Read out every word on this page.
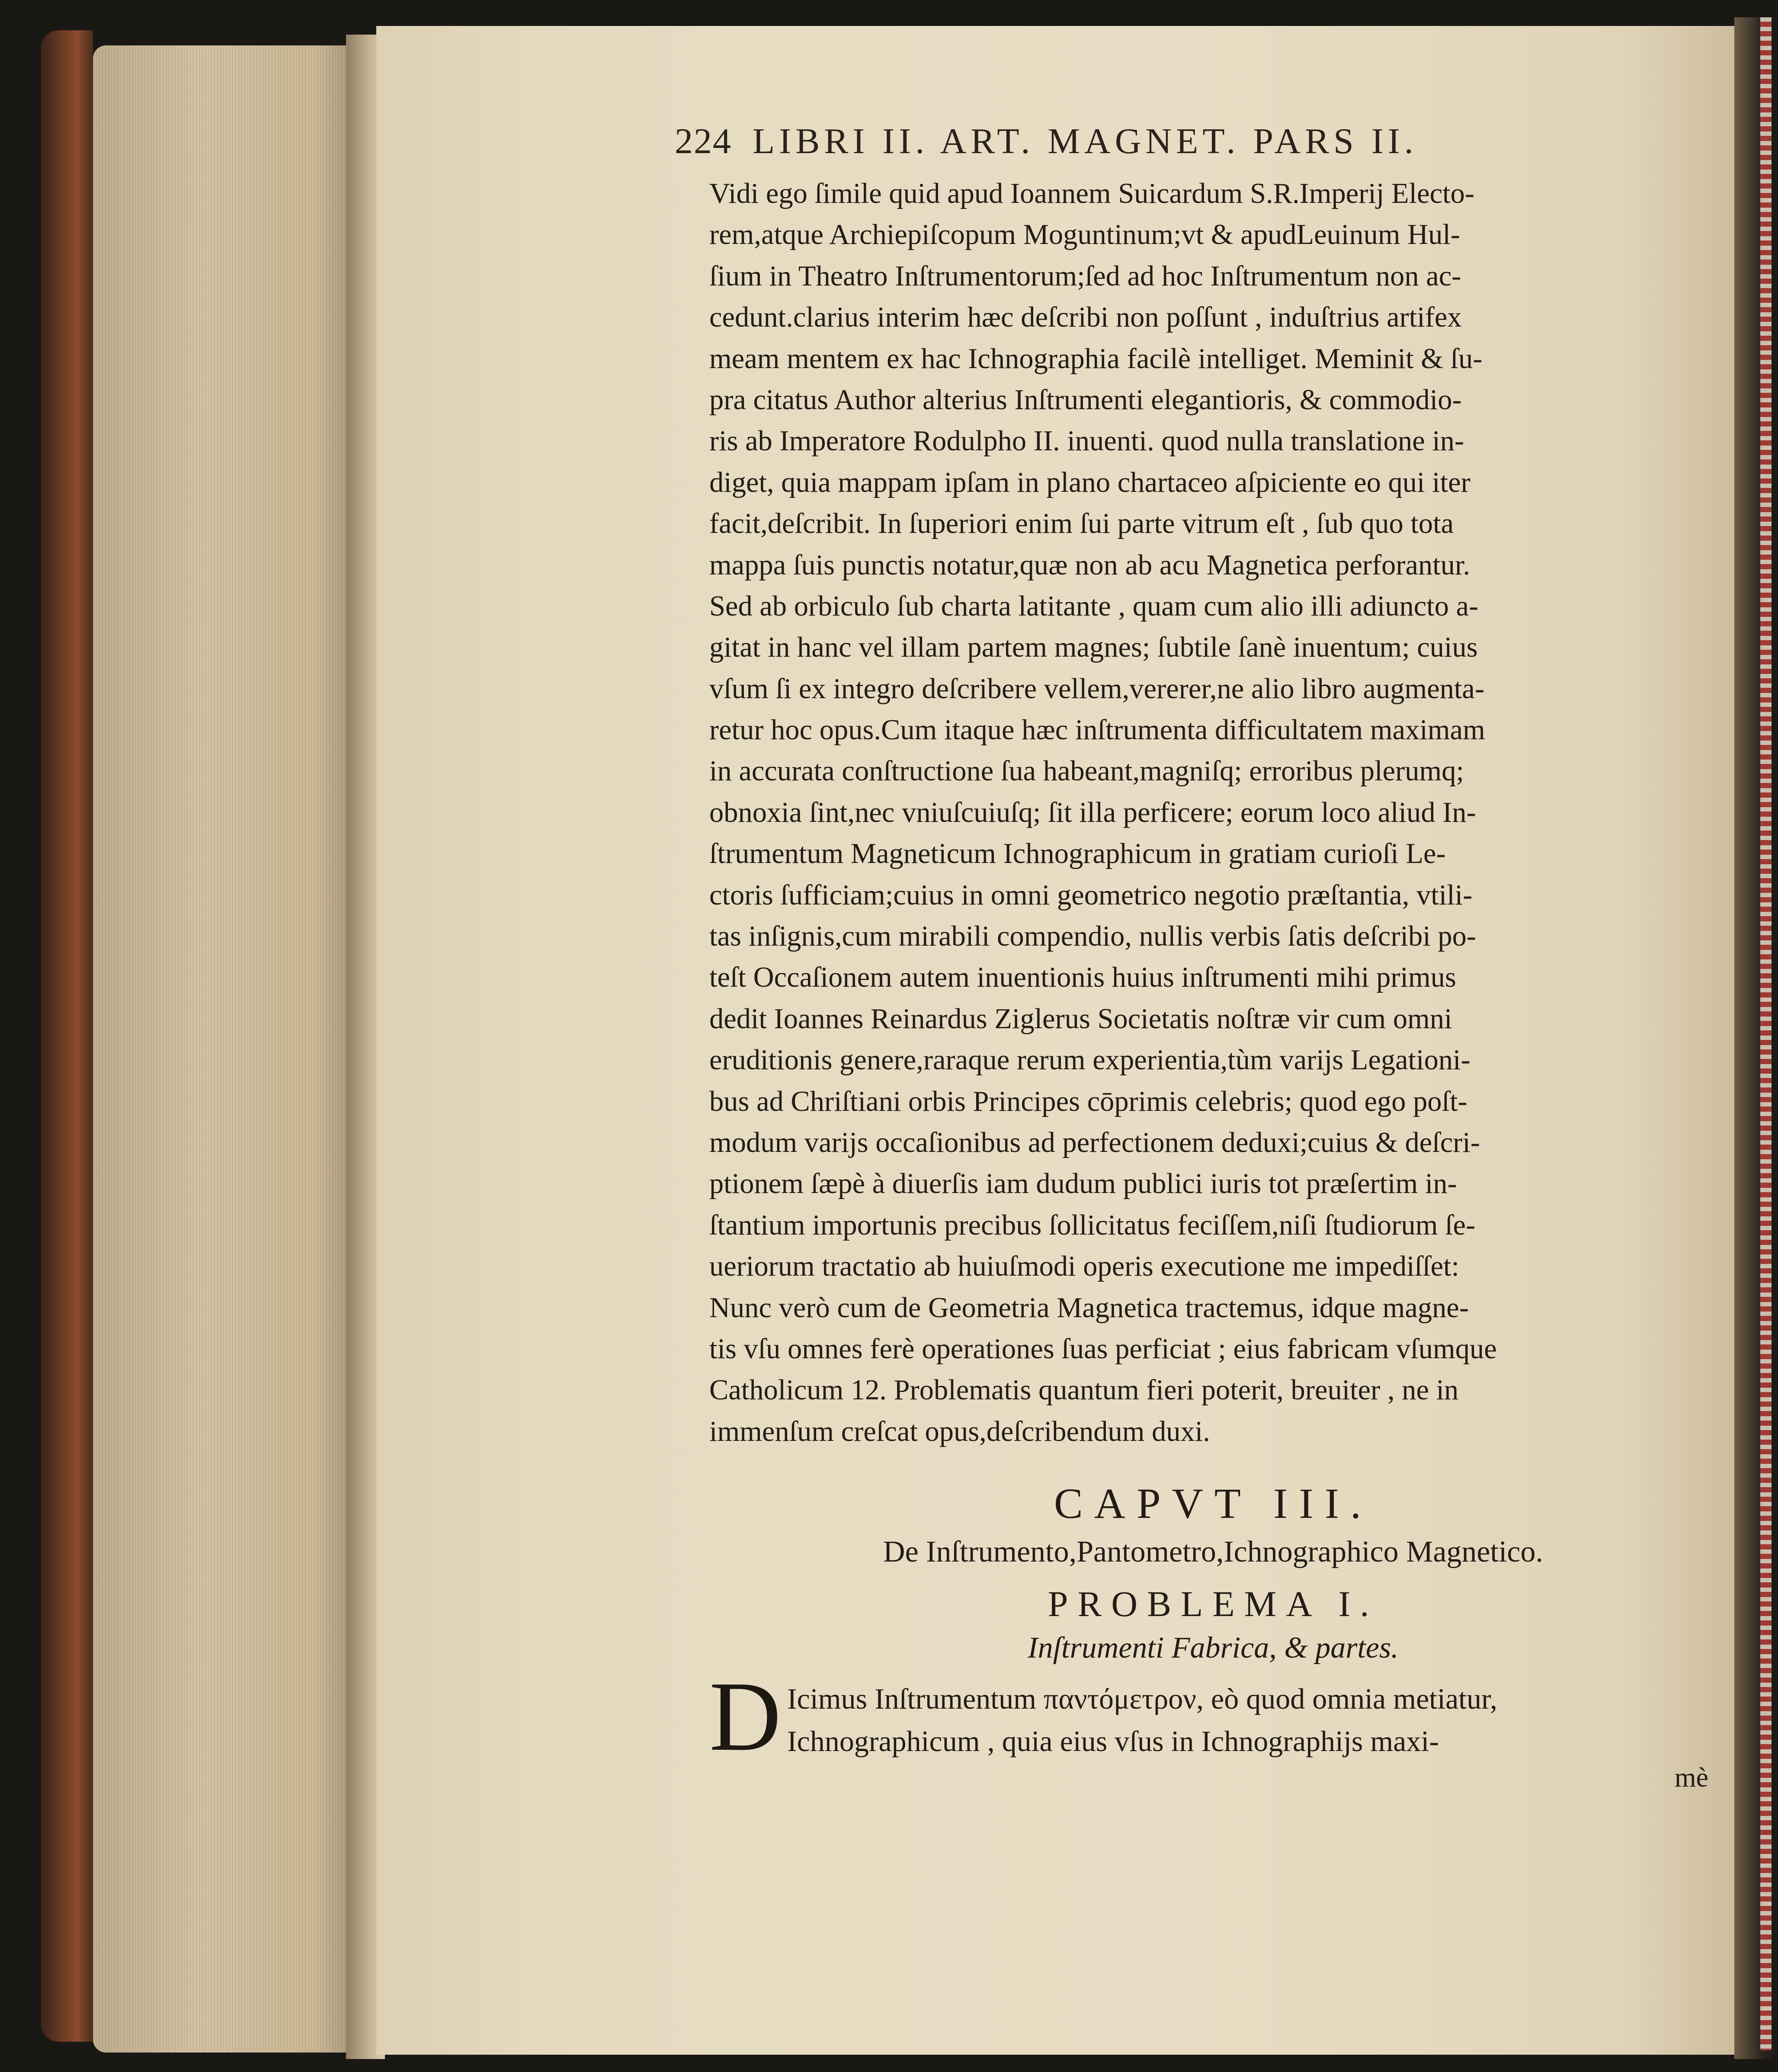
224 LIBRI II. ART. MAGNET. PARS II.
Vidi ego ſimile quid apud Ioannem Suicardum S.R.Imperij Electo-
rem,atque Archiepiſcopum Moguntinum;vt & apudLeuinum Hul-
ſium in Theatro Inſtrumentorum;ſed ad hoc Inſtrumentum non ac-
cedunt.clarius interim hæc deſcribi non poſſunt , induſtrius artifex
meam mentem ex hac Ichnographia facilè intelliget. Meminit & ſu-
pra citatus Author alterius Inſtrumenti elegantioris, & commodio-
ris ab Imperatore Rodulpho II. inuenti. quod nulla translatione in-
diget, quia mappam ipſam in plano chartaceo aſpiciente eo qui iter
facit,deſcribit. In ſuperiori enim ſui parte vitrum eſt , ſub quo tota
mappa ſuis punctis notatur,quæ non ab acu Magnetica perforantur.
Sed ab orbiculo ſub charta latitante , quam cum alio illi adiuncto a-
gitat in hanc vel illam partem magnes; ſubtile ſanè inuentum; cuius
vſum ſi ex integro deſcribere vellem,vererer,ne alio libro augmenta-
retur hoc opus.Cum itaque hæc inſtrumenta difficultatem maximam
in accurata conſtructione ſua habeant,magniſq; erroribus plerumq;
obnoxia ſint,nec vniuſcuiuſq; ſit illa perficere; eorum loco aliud In-
ſtrumentum Magneticum Ichnographicum in gratiam curioſi Le-
ctoris ſufficiam;cuius in omni geometrico negotio præſtantia, vtili-
tas inſignis,cum mirabili compendio, nullis verbis ſatis deſcribi po-
teſt Occaſionem autem inuentionis huius inſtrumenti mihi primus
dedit Ioannes Reinardus Ziglerus Societatis noſtræ vir cum omni
eruditionis genere,raraque rerum experientia,tùm varijs Legationi-
bus ad Chriſtiani orbis Principes cōprimis celebris; quod ego poſt-
modum varijs occaſionibus ad perfectionem deduxi;cuius & deſcri-
ptionem ſæpè à diuerſis iam dudum publici iuris tot præſertim in-
ſtantium importunis precibus ſollicitatus feciſſem,niſi ſtudiorum ſe-
ueriorum tractatio ab huiuſmodi operis executione me impediſſet:
Nunc verò cum de Geometria Magnetica tractemus, idque magne-
tis vſu omnes ferè operationes ſuas perficiat ; eius fabricam vſumque
Catholicum 12. Problematis quantum fieri poterit, breuiter , ne in
immenſum creſcat opus,deſcribendum duxi.
CAPVT III.
De Inſtrumento,Pantometro,Ichnographico Magnetico.
PROBLEMA I.
Inſtrumenti Fabrica, & partes.
D Icimus Inſtrumentum παντόμετρον, eò quod omnia metiatur,
Ichnographicum , quia eius vſus in Ichnographijs maxi-
mè
